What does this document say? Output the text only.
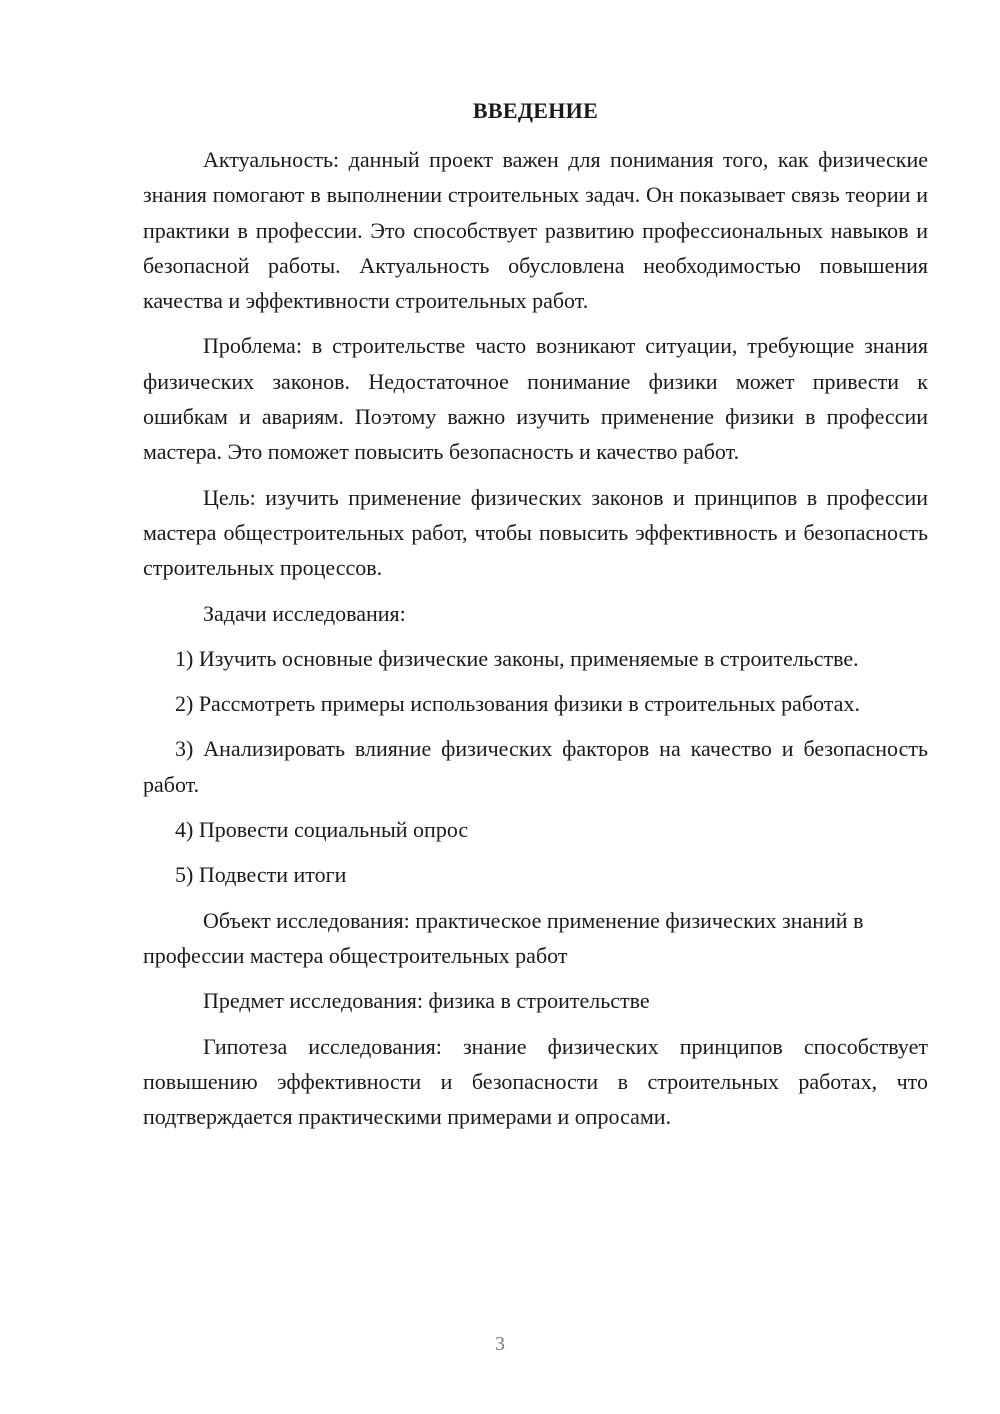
ВВЕДЕНИЕ

Актуальность: данный проект важен для понимания того, как физические знания помогают в выполнении строительных задач. Он показывает связь теории и практики в профессии. Это способствует развитию профессиональных навыков и безопасной работы. Актуальность обусловлена необходимостью повышения качества и эффективности строительных работ.

Проблема: в строительстве часто возникают ситуации, требующие знания физических законов. Недостаточное понимание физики может привести к ошибкам и авариям. Поэтому важно изучить применение физики в профессии мастера. Это поможет повысить безопасность и качество работ.

Цель: изучить применение физических законов и принципов в профессии мастера общестроительных работ, чтобы повысить эффективность и безопасность строительных процессов.

Задачи исследования:

1) Изучить основные физические законы, применяемые в строительстве.

2) Рассмотреть примеры использования физики в строительных работах.

3) Анализировать влияние физических факторов на качество и безопасность работ.

4) Провести социальный опрос

5) Подвести итоги

Объект исследования: практическое применение физических знаний в профессии мастера общестроительных работ

Предмет исследования: физика в строительстве

Гипотеза исследования: знание физических принципов способствует повышению эффективности и безопасности в строительных работах, что подтверждается практическими примерами и опросами.

3
